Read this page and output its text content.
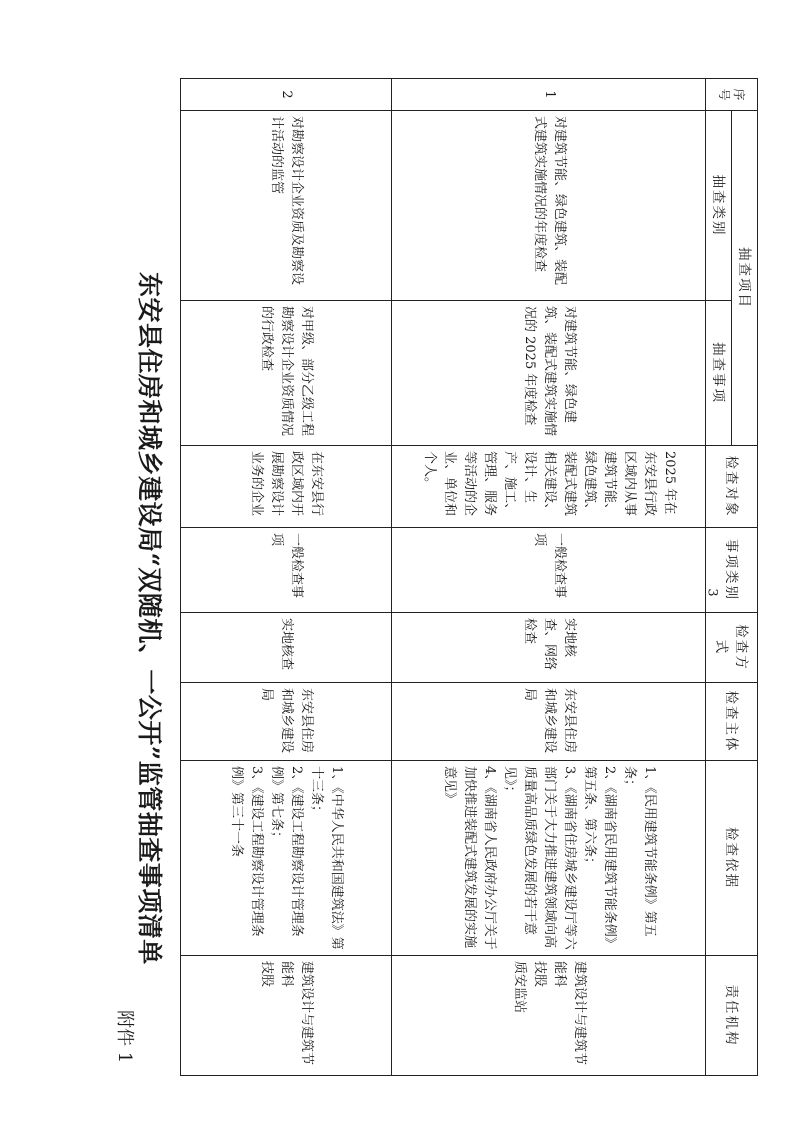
附件 1
东安县住房和城乡建设局“双随机、一公开”监管抽查事项清单	3
序号	抽查项目		检查对象	事项类别	检查方式	检查主体	检查依据	责任机构
	抽查类别	抽查事项						
1	对建筑节能、绿色建筑、装配式建筑实施情况的年度检查	对建筑节能、绿色建筑、装配式建筑实施情况的 2025 年度检查	2025 年在东安县行政区域内从事建筑节能、绿色建筑、装配式建筑相关建设、设计、生产、施工、管理、服务等活动的企业、单位和个人。	一般检查事项	实地核查、网络检查	东安县住房和城乡建设局	1、《民用建筑节能条例》第五条；
2、《湖南省民用建筑节能条例》第五条、第六条；
3、《湖南省住房城乡建设厅等六部门关于大力推进建筑领域向高质量高品质绿色发展的若干意见》；
4、《湖南省人民政府办公厅关于加快推进装配式建筑发展的实施意见》	建筑设计与建筑节能科
技股
质安监站

2	对勘察设计企业资质及勘察设计活动的监管	对甲级、部分乙级工程勘察设计企业资质情况的行政检查	在东安县行政区域内开展勘察设计业务的企业	一般检查事项	实地核查	东安县住房和城乡建设局	1、《中华人民共和国建筑法》第十三条；
2、《建设工程勘察设计管理条例》第七条；
3、《建设工程勘察设计管理条例》第三十一条	建筑设计与建筑节能科
技股
